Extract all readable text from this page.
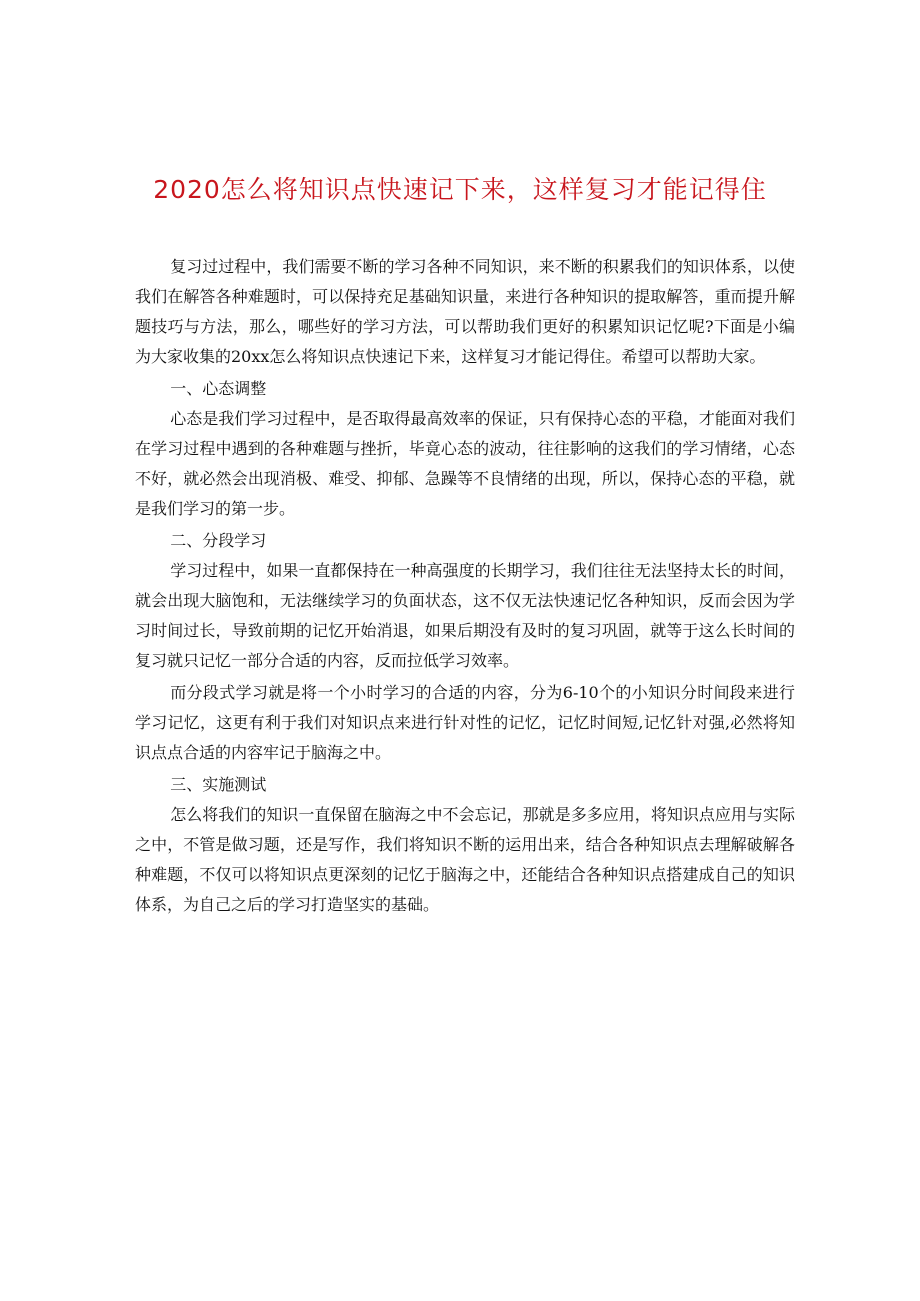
2020怎么将知识点快速记下来，这样复习才能记得住

复习过过程中，我们需要不断的学习各种不同知识，来不断的积累我们的知识体系，以使我们在解答各种难题时，可以保持充足基础知识量，来进行各种知识的提取解答，重而提升解题技巧与方法，那么，哪些好的学习方法，可以帮助我们更好的积累知识记忆呢?下面是小编为大家收集的20xx怎么将知识点快速记下来，这样复习才能记得住。希望可以帮助大家。

一、心态调整

心态是我们学习过程中，是否取得最高效率的保证，只有保持心态的平稳，才能面对我们在学习过程中遇到的各种难题与挫折，毕竟心态的波动，往往影响的这我们的学习情绪，心态不好，就必然会出现消极、难受、抑郁、急躁等不良情绪的出现，所以，保持心态的平稳，就是我们学习的第一步。

二、分段学习

学习过程中，如果一直都保持在一种高强度的长期学习，我们往往无法坚持太长的时间，就会出现大脑饱和，无法继续学习的负面状态，这不仅无法快速记忆各种知识，反而会因为学习时间过长，导致前期的记忆开始消退，如果后期没有及时的复习巩固，就等于这么长时间的复习就只记忆一部分合适的内容，反而拉低学习效率。

而分段式学习就是将一个小时学习的合适的内容，分为6-10个的小知识分时间段来进行学习记忆，这更有利于我们对知识点来进行针对性的记忆，记忆时间短,记忆针对强,必然将知识点点合适的内容牢记于脑海之中。

三、实施测试

怎么将我们的知识一直保留在脑海之中不会忘记，那就是多多应用，将知识点应用与实际之中，不管是做习题，还是写作，我们将知识不断的运用出来，结合各种知识点去理解破解各种难题，不仅可以将知识点更深刻的记忆于脑海之中，还能结合各种知识点搭建成自己的知识体系，为自己之后的学习打造坚实的基础。
